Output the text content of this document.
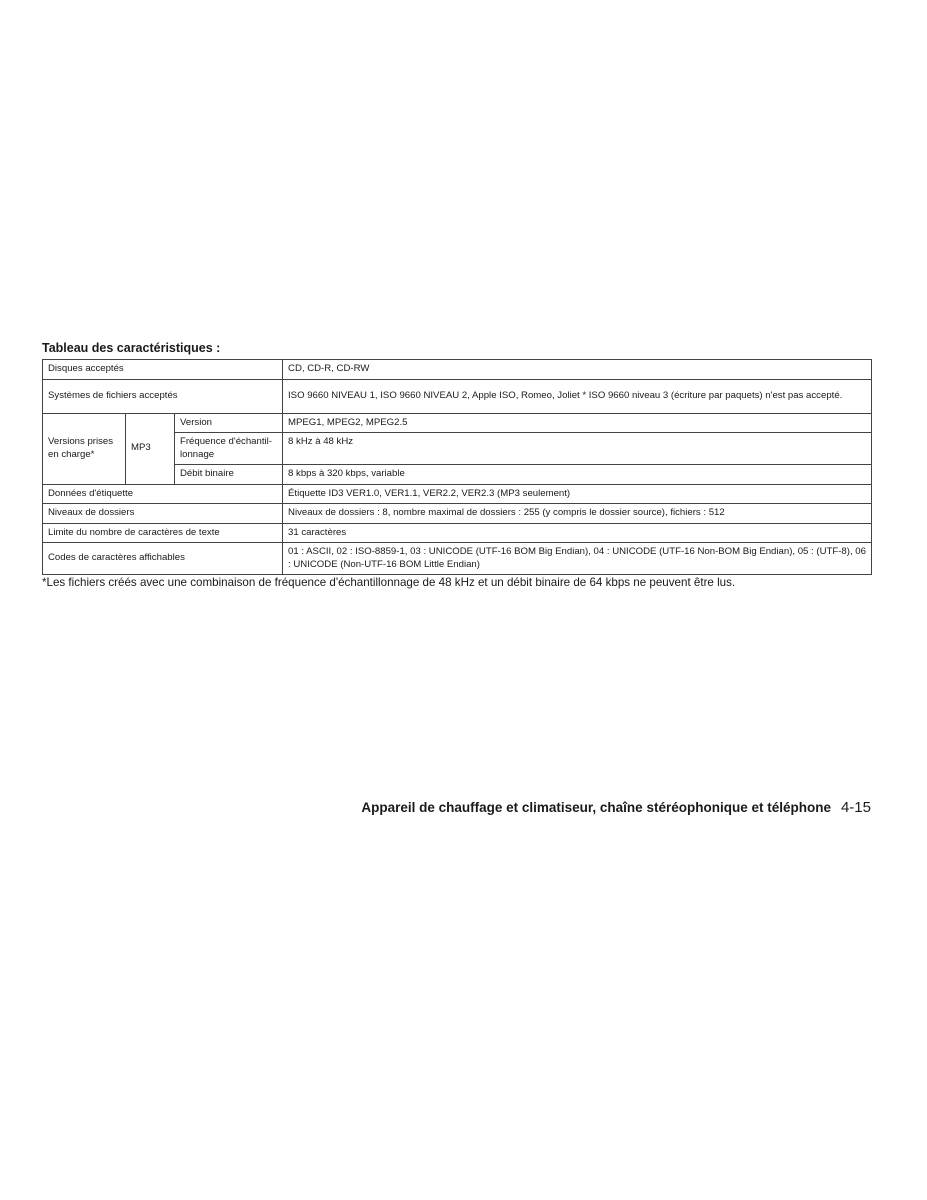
Tableau des caractéristiques :
Disques acceptés			CD, CD-R, CD-RW
Systèmes de fichiers acceptés			ISO 9660 NIVEAU 1, ISO 9660 NIVEAU 2, Apple ISO, Romeo, Joliet * ISO 9660 niveau 3 (écriture par paquets) n'est pas accepté.
Versions prises en charge*	MP3	Version	MPEG1, MPEG2, MPEG2.5
		Fréquence d'échantil-lonnage	8 kHz à 48 kHz
		Débit binaire	8 kbps à 320 kbps, variable
Données d'étiquette			Étiquette ID3 VER1.0, VER1.1, VER2.2, VER2.3 (MP3 seulement)
Niveaux de dossiers			Niveaux de dossiers : 8, nombre maximal de dossiers : 255 (y compris le dossier source), fichiers : 512
Limite du nombre de caractères de texte			31 caractères
Codes de caractères affichables			01 : ASCII, 02 : ISO-8859-1, 03 : UNICODE (UTF-16 BOM Big Endian), 04 : UNICODE (UTF-16 Non-BOM Big Endian), 05 : (UTF-8), 06 : UNICODE (Non-UTF-16 BOM Little Endian)
*Les fichiers créés avec une combinaison de fréquence d'échantillonnage de 48 kHz et un débit binaire de 64 kbps ne peuvent être lus.
Appareil de chauffage et climatiseur, chaîne stéréophonique et téléphone 4-15
